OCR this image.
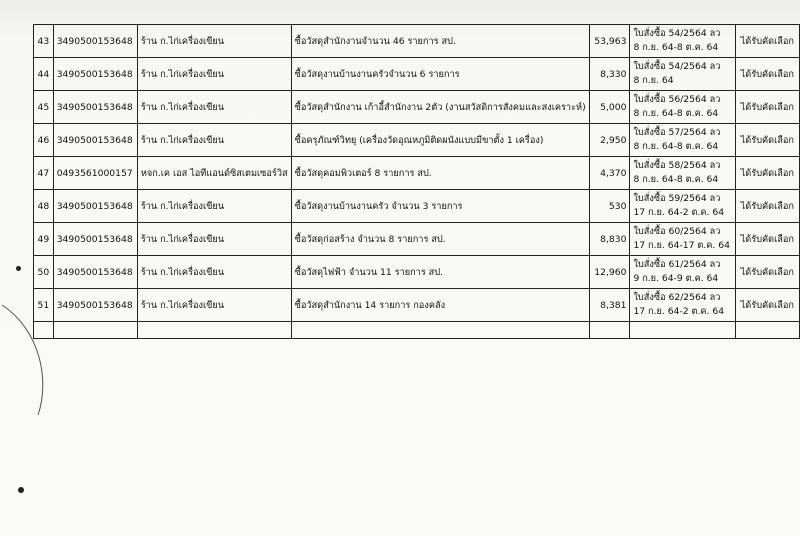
43	3490500153648	ร้าน ก.ไก่เครื่องเขียน	ซื้อวัสดุสำนักงานจำนวน 46 รายการ สป.	53,963	ใบสั่งซื้อ 54/2564 ลว
8 ก.ย. 64-8 ต.ค. 64	ได้รับคัดเลือก
44	3490500153648	ร้าน ก.ไก่เครื่องเขียน	ซื้อวัสดุงานบ้านงานครัวจำนวน 6 รายการ	8,330	ใบสั่งซื้อ 54/2564 ลว
8 ก.ย. 64	ได้รับคัดเลือก
45	3490500153648	ร้าน ก.ไก่เครื่องเขียน	ซื้อวัสดุสำนักงาน เก้าอี้สำนักงาน 2ตัว (งานสวัสดิการสังคมและสงเคราะห์)	5,000	ใบสั่งซื้อ 56/2564 ลว
8 ก.ย. 64-8 ต.ค. 64	ได้รับคัดเลือก
46	3490500153648	ร้าน ก.ไก่เครื่องเขียน	ซื้อครุภัณฑ์วิทยุ (เครื่องวัดอุณหภูมิติดผนังแบบมีขาตั้ง 1 เครื่อง)	2,950	ใบสั่งซื้อ 57/2564 ลว
8 ก.ย. 64-8 ต.ค. 64	ได้รับคัดเลือก
47	0493561000157	หจก.เค เอส ไอทีแอนด์ซิสเตมเซอร์วิส	ซื้อวัสดุคอมพิวเตอร์ 8 รายการ สป.	4,370	ใบสั่งซื้อ 58/2564 ลว
8 ก.ย. 64-8 ต.ค. 64	ได้รับคัดเลือก
48	3490500153648	ร้าน ก.ไก่เครื่องเขียน	ซื้อวัสดุงานบ้านงานครัว จำนวน 3 รายการ	530	ใบสั่งซื้อ 59/2564 ลว
17 ก.ย. 64-2 ต.ค. 64	ได้รับคัดเลือก
49	3490500153648	ร้าน ก.ไก่เครื่องเขียน	ซื้อวัสดุก่อสร้าง จำนวน 8 รายการ สป.	8,830	ใบสั่งซื้อ 60/2564 ลว
17 ก.ย. 64-17 ต.ค. 64	ได้รับคัดเลือก
50	3490500153648	ร้าน ก.ไก่เครื่องเขียน	ซื้อวัสดุไฟฟ้า จำนวน 11 รายการ สป.	12,960	ใบสั่งซื้อ 61/2564 ลว
9 ก.ย. 64-9 ต.ค. 64	ได้รับคัดเลือก
51	3490500153648	ร้าน ก.ไก่เครื่องเขียน	ซื้อวัสดุสำนักงาน 14 รายการ กองคลัง	8,381	ใบสั่งซื้อ 62/2564 ลว
17 ก.ย. 64-2 ต.ค. 64	ได้รับคัดเลือก
